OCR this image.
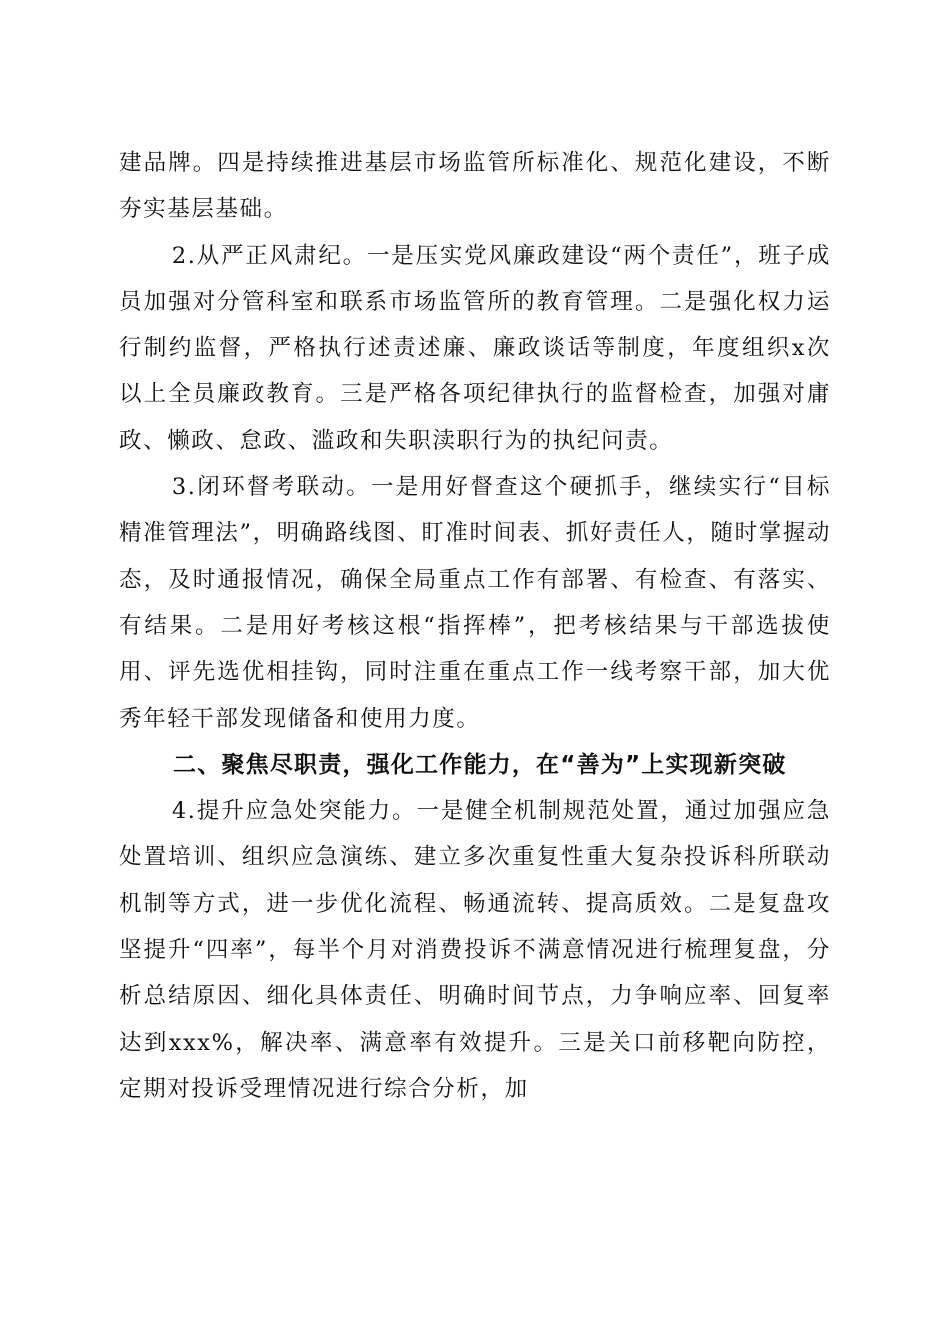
建品牌。四是持续推进基层市场监管所标准化、规范化建设，不断夯实基层基础。

2.从严正风肃纪。一是压实党风廉政建设“两个责任”，班子成员加强对分管科室和联系市场监管所的教育管理。二是强化权力运行制约监督，严格执行述责述廉、廉政谈话等制度，年度组织x次以上全员廉政教育。三是严格各项纪律执行的监督检查，加强对庸政、懒政、怠政、滥政和失职渎职行为的执纪问责。

3.闭环督考联动。一是用好督查这个硬抓手，继续实行“目标精准管理法”，明确路线图、盯准时间表、抓好责任人，随时掌握动态，及时通报情况，确保全局重点工作有部署、有检查、有落实、有结果。二是用好考核这根“指挥棒”，把考核结果与干部选拔使用、评先选优相挂钩，同时注重在重点工作一线考察干部，加大优秀年轻干部发现储备和使用力度。

二、聚焦尽职责，强化工作能力，在“善为”上实现新突破

4.提升应急处突能力。一是健全机制规范处置，通过加强应急处置培训、组织应急演练、建立多次重复性重大复杂投诉科所联动机制等方式，进一步优化流程、畅通流转、提高质效。二是复盘攻坚提升“四率”，每半个月对消费投诉不满意情况进行梳理复盘，分析总结原因、细化具体责任、明确时间节点，力争响应率、回复率达到xxx%，解决率、满意率有效提升。三是关口前移靶向防控，定期对投诉受理情况进行综合分析，加
